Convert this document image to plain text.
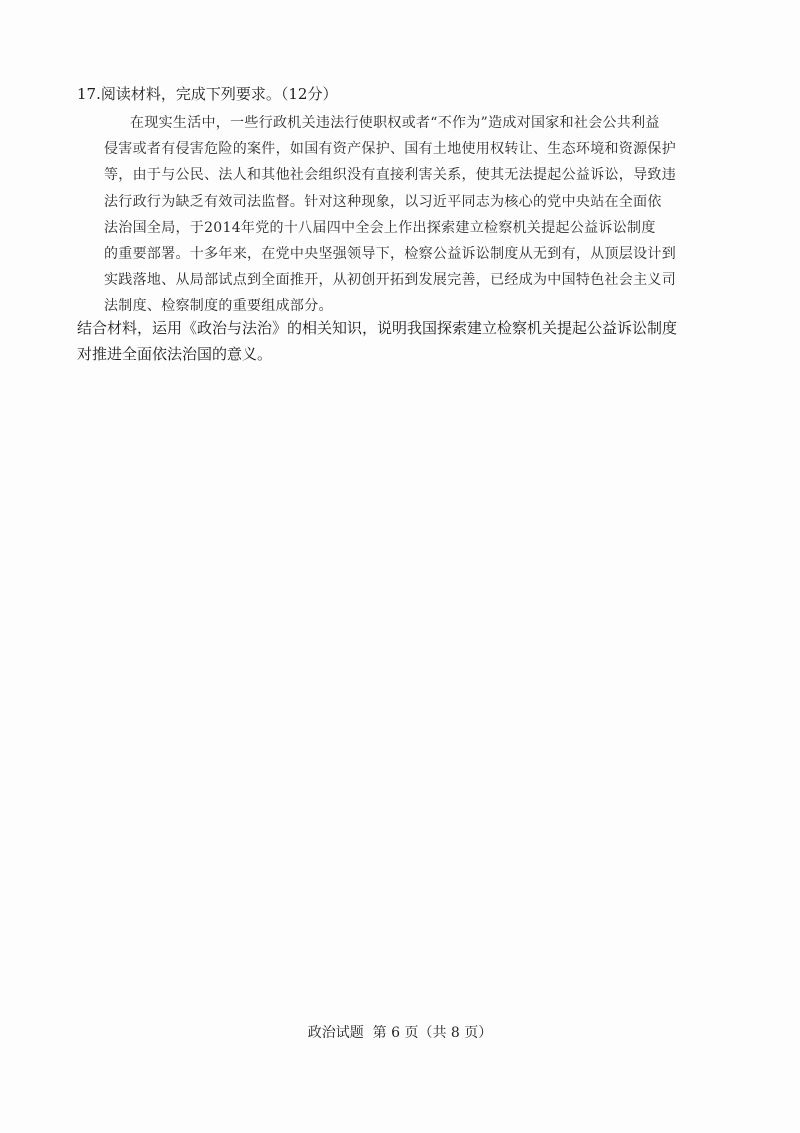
17.阅读材料，完成下列要求。（12分）
在现实生活中，一些行政机关违法行使职权或者“不作为”造成对国家和社会公共利益
侵害或者有侵害危险的案件，如国有资产保护、国有土地使用权转让、生态环境和资源保护
等，由于与公民、法人和其他社会组织没有直接利害关系，使其无法提起公益诉讼，导致违
法行政行为缺乏有效司法监督。针对这种现象，以习近平同志为核心的党中央站在全面依
法治国全局，于2014年党的十八届四中全会上作出探索建立检察机关提起公益诉讼制度
的重要部署。十多年来，在党中央坚强领导下，检察公益诉讼制度从无到有，从顶层设计到
实践落地、从局部试点到全面推开，从初创开拓到发展完善，已经成为中国特色社会主义司
法制度、检察制度的重要组成部分。
结合材料，运用《政治与法治》的相关知识，说明我国探索建立检察机关提起公益诉讼制度
对推进全面依法治国的意义。
政治试题  第 6 页（共 8 页）
